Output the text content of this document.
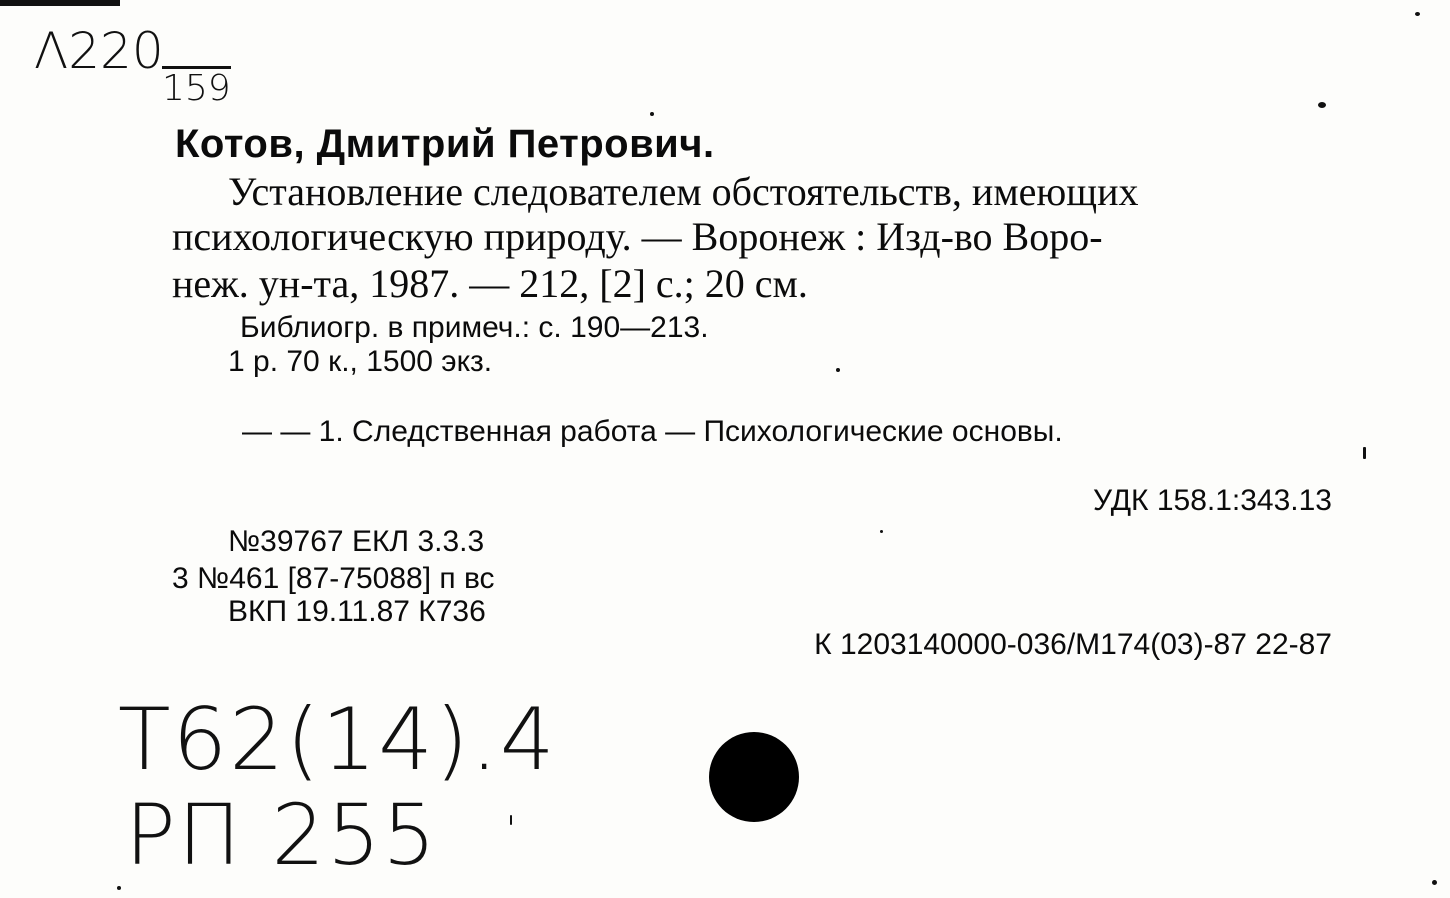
Λ220
159
Котов, Дмитрий Петрович.
Установление следователем обстоятельств, имеющих
психологическую природу. — Воронеж : Изд-во Воро-
неж. ун-та, 1987. — 212, [2] с.; 20 см.
Библиогр. в примеч.: с. 190—213.
1 р. 70 к., 1500 экз.
— — 1. Следственная работа — Психологические основы.
УДК 158.1:343.13
№39767 ЕКЛ 3.3.3
3 №461 [87-75088] п вс
ВКП 19.11.87 К736
К 1203140000-036/М174(03)-87 22-87
Т62(14).4
РП 255
